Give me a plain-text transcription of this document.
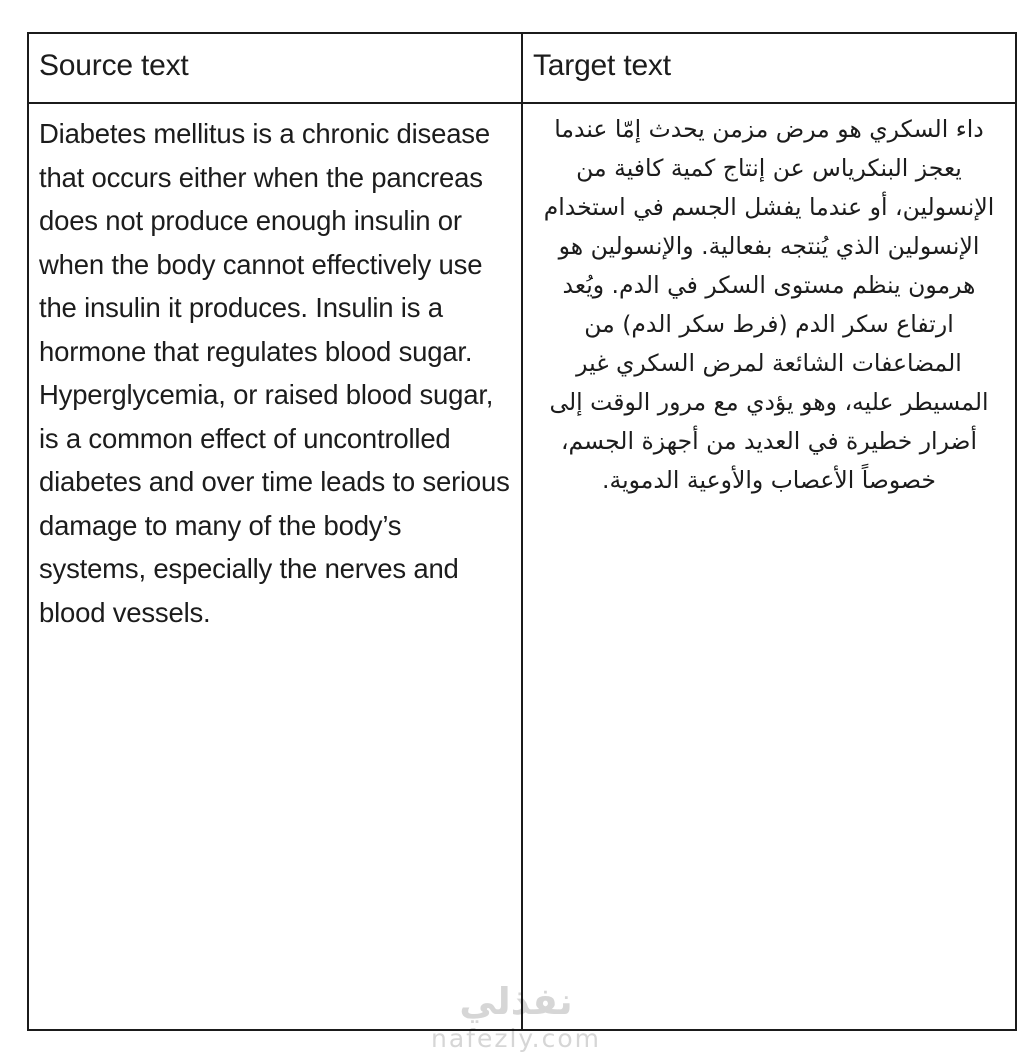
Source text	Target text

Diabetes mellitus is a chronic disease that occurs either when the pancreas does not produce enough insulin or when the body cannot effectively use the insulin it produces. Insulin is a hormone that regulates blood sugar. Hyperglycemia, or raised blood sugar, is a common effect of uncontrolled diabetes and over time leads to serious damage to many of the body’s systems, especially the nerves and blood vessels.

داء السكري هو مرض مزمن يحدث إمّا عندما يعجز البنكرياس عن إنتاج كمية كافية من الإنسولين، أو عندما يفشل الجسم في استخدام الإنسولين الذي يُنتجه بفعالية. والإنسولين هو هرمون ينظم مستوى السكر في الدم. ويُعد ارتفاع سكر الدم (فرط سكر الدم) من المضاعفات الشائعة لمرض السكري غير المسيطر عليه، وهو يؤدي مع مرور الوقت إلى أضرار خطيرة في العديد من أجهزة الجسم، خصوصاً الأعصاب والأوعية الدموية.

نفذلي
nafezly.com
